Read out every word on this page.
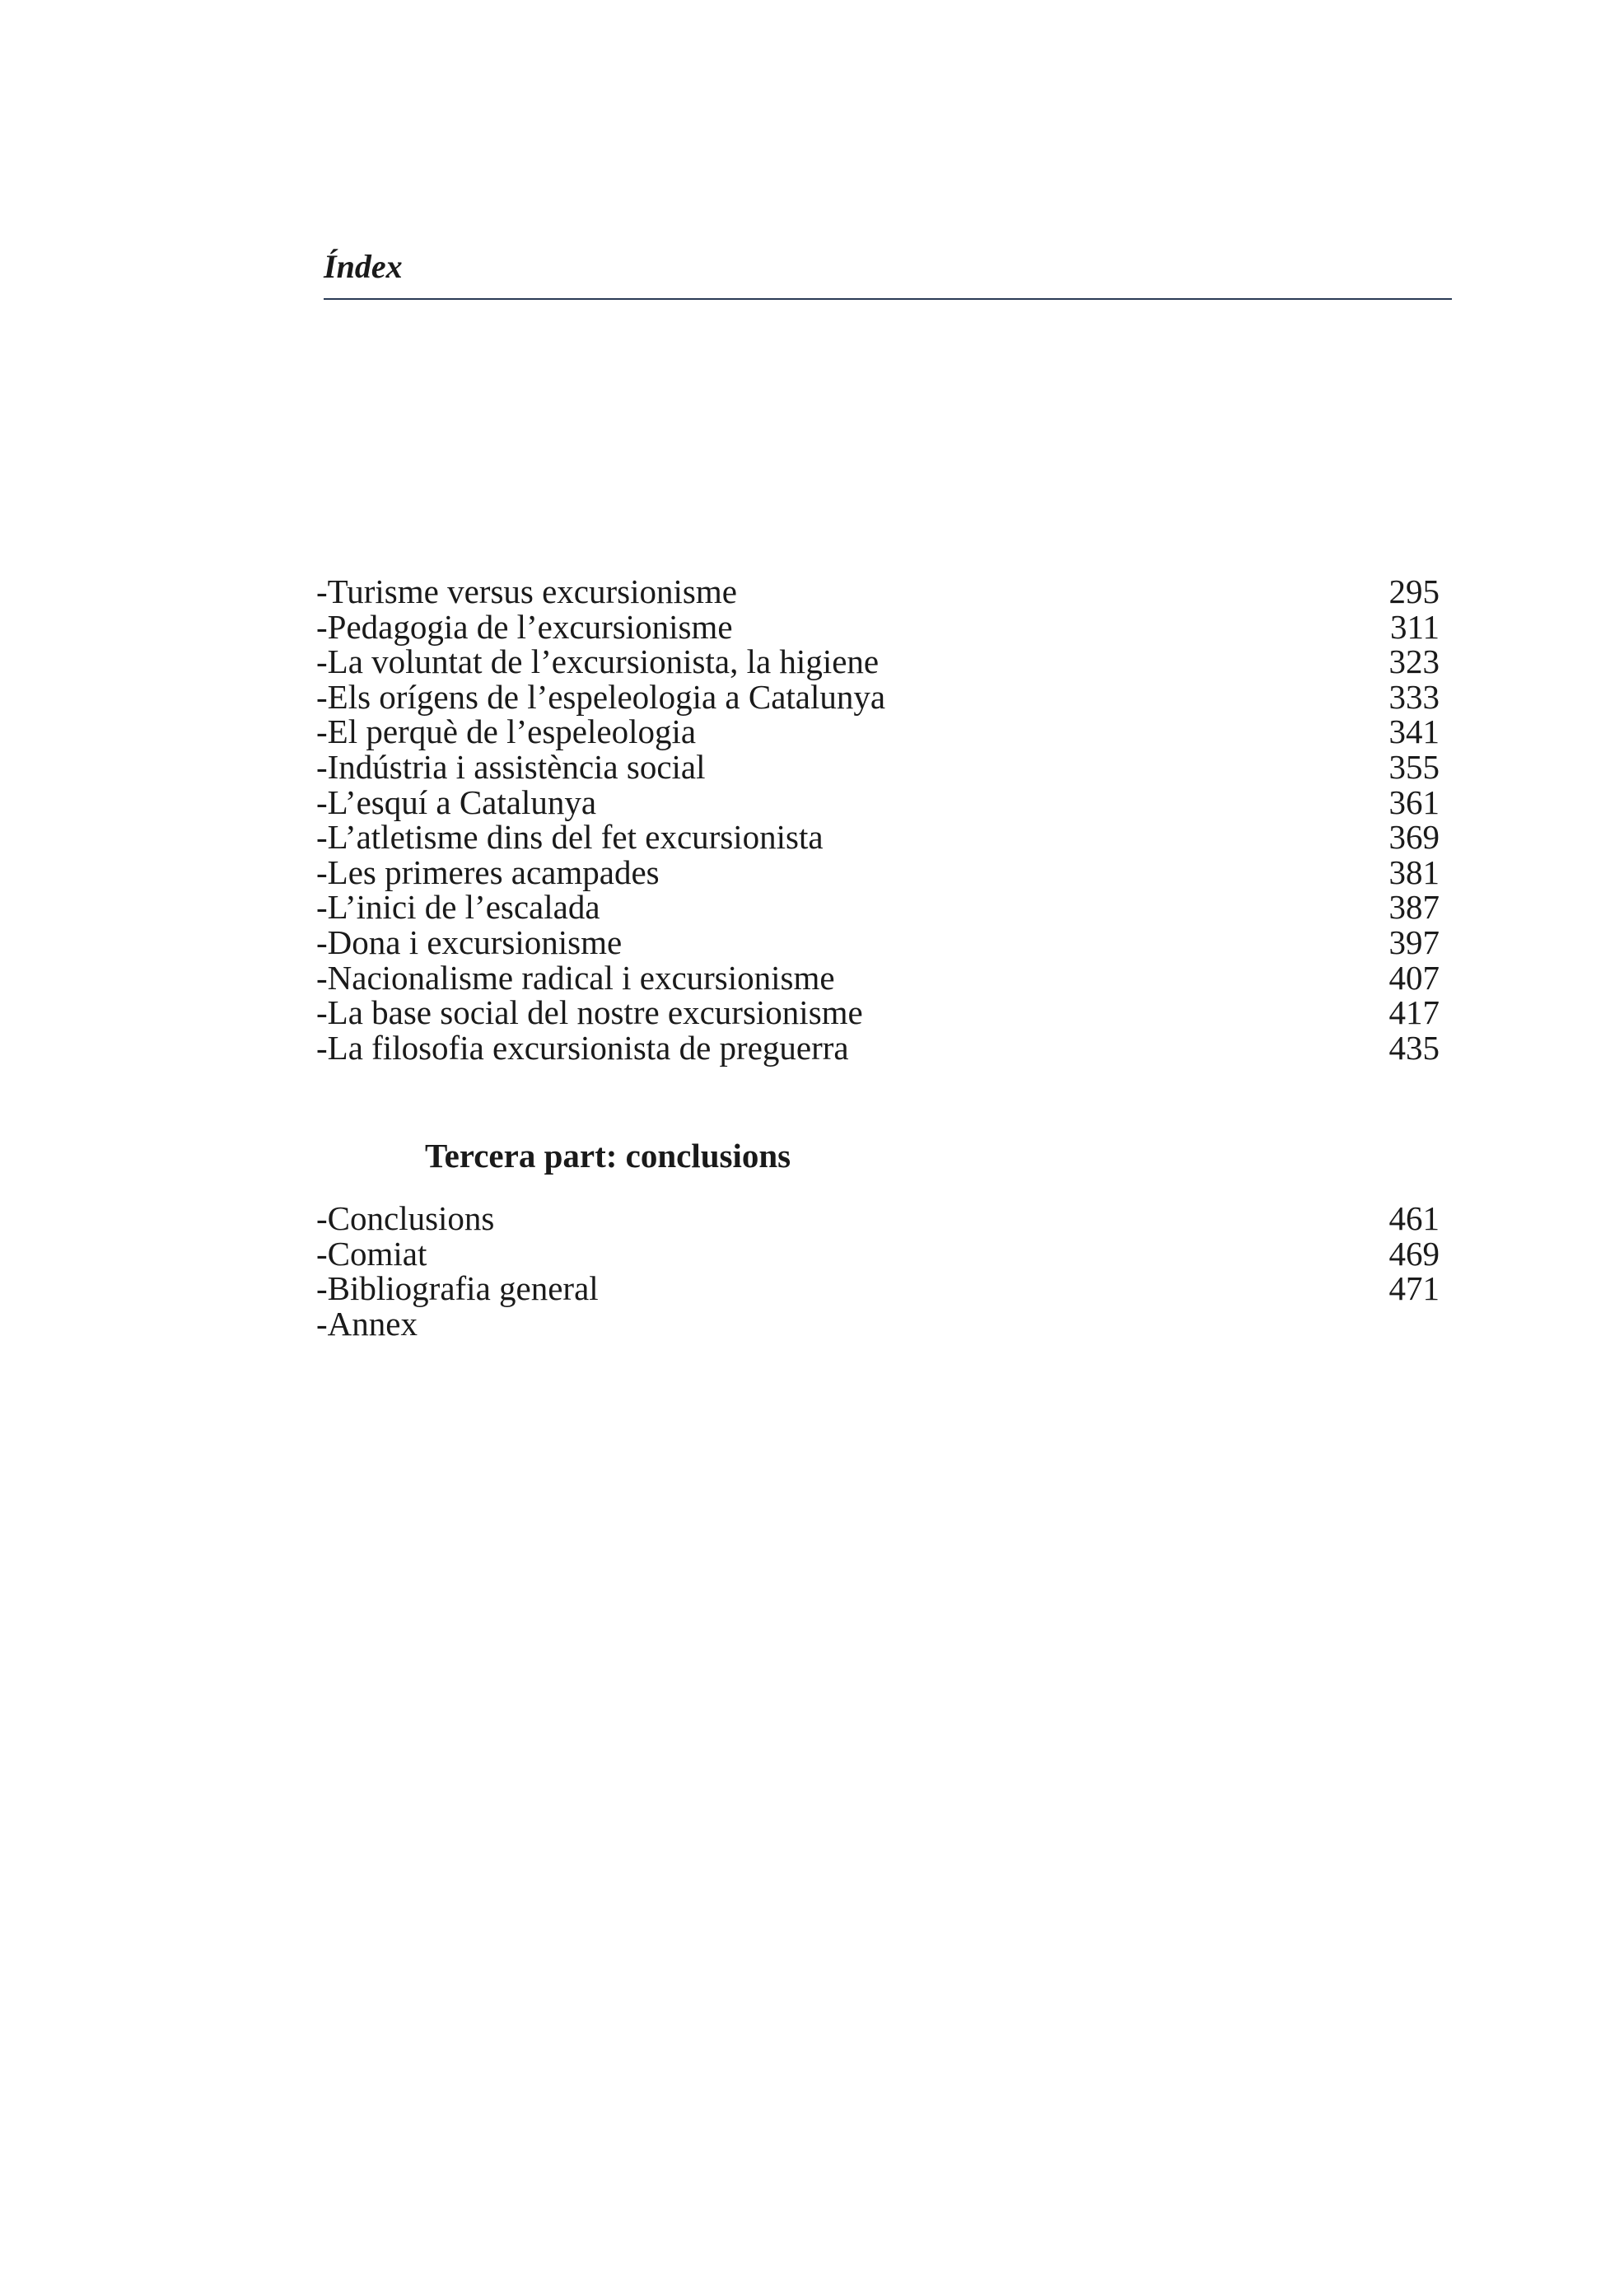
Índex
-Turisme versus excursionisme	295
-Pedagogia de l’excursionisme	311
-La voluntat de l’excursionista, la higiene	323
-Els orígens de l’espeleologia a Catalunya	333
-El perquè de l’espeleologia	341
-Indústria i assistència social	355
-L’esquí a Catalunya	361
-L’atletisme dins del fet excursionista	369
-Les primeres acampades	381
-L’inici de l’escalada	387
-Dona i excursionisme	397
-Nacionalisme radical i excursionisme	407
-La base social del nostre excursionisme	417
-La filosofia excursionista de preguerra	435
Tercera part: conclusions
-Conclusions	461
-Comiat	469
-Bibliografia general	471
-Annex
